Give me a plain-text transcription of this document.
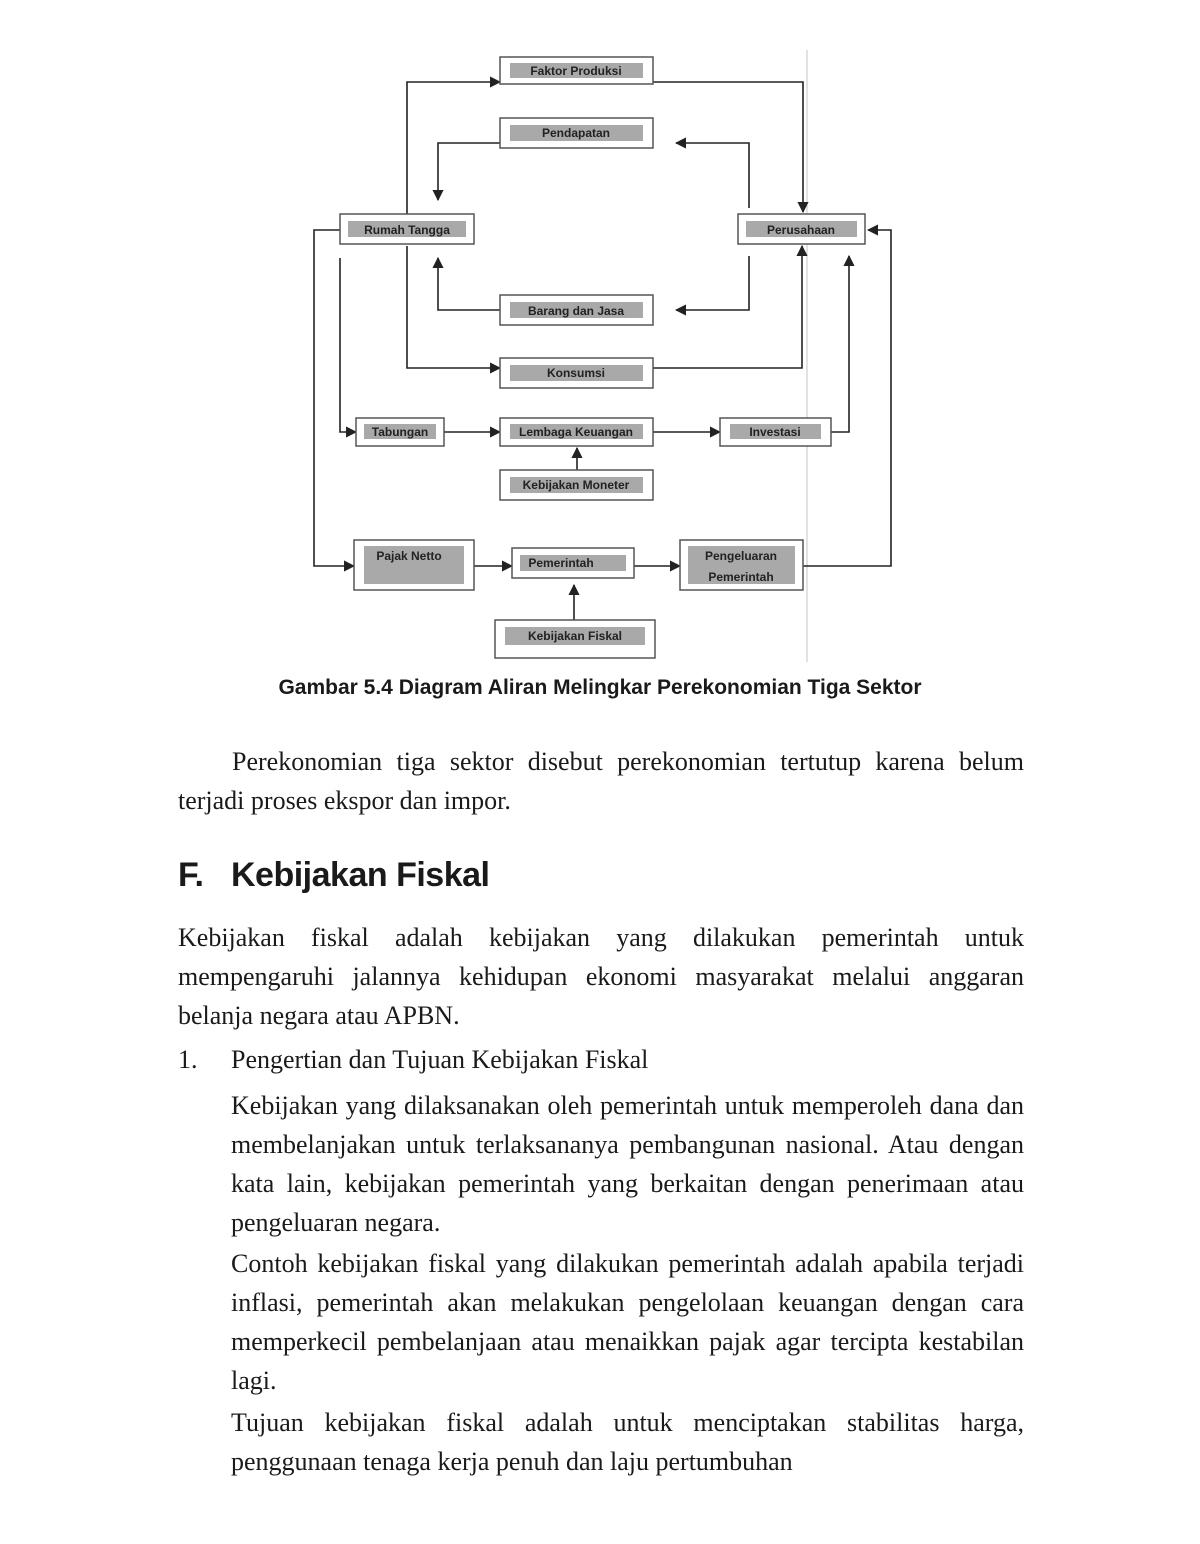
Faktor Produksi
Pendapatan
Rumah Tangga	Perusahaan
Barang dan Jasa
Konsumsi
Tabungan	Lembaga Keuangan	Investasi
Kebijakan Moneter
Pajak Netto	Pemerintah	Pengeluaran
Pemerintah
Kebijakan Fiskal
Gambar 5.4 Diagram Aliran Melingkar Perekonomian Tiga Sektor

Perekonomian tiga sektor disebut perekonomian tertutup karena belum terjadi proses ekspor dan impor.

F. Kebijakan Fiskal

Kebijakan fiskal adalah kebijakan yang dilakukan pemerintah untuk mempengaruhi jalannya kehidupan ekonomi masyarakat melalui anggaran belanja negara atau APBN.

1. Pengertian dan Tujuan Kebijakan Fiskal

Kebijakan yang dilaksanakan oleh pemerintah untuk memperoleh dana dan membelanjakan untuk terlaksananya pembangunan nasional. Atau dengan kata lain, kebijakan pemerintah yang berkaitan dengan penerimaan atau pengeluaran negara.

Contoh kebijakan fiskal yang dilakukan pemerintah adalah apabila terjadi inflasi, pemerintah akan melakukan pengelolaan keuangan dengan cara memperkecil pembelanjaan atau menaikkan pajak agar tercipta kestabilan lagi.

Tujuan kebijakan fiskal adalah untuk menciptakan stabilitas harga, penggunaan tenaga kerja penuh dan laju pertumbuhan
